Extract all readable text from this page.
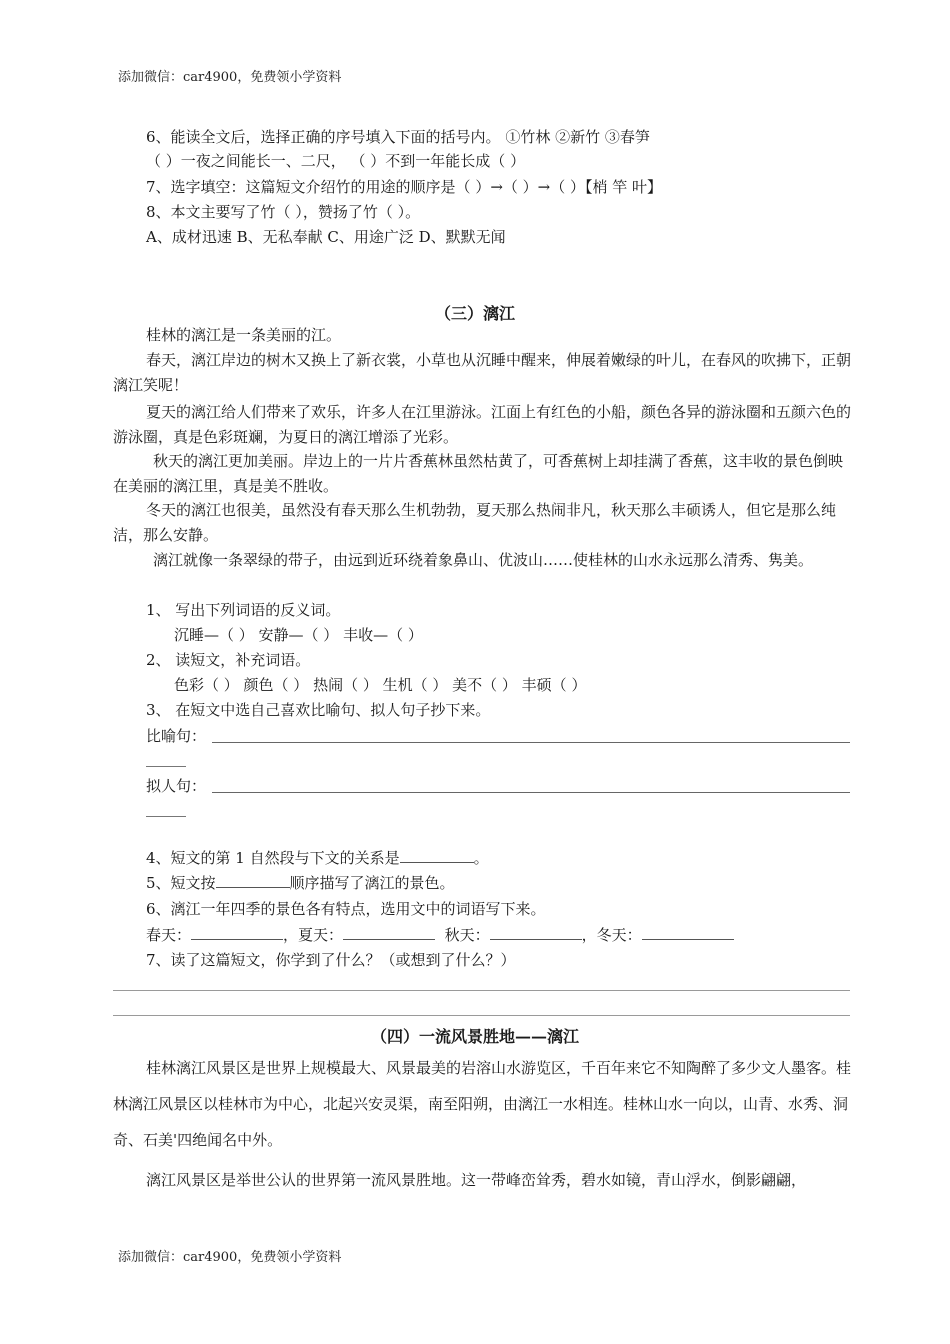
添加微信：car4900，免费领小学资料
6、能读全文后，选择正确的序号填入下面的括号内。 ①竹林 ②新竹 ③春笋
（ ）一夜之间能长一、二尺， （ ）不到一年能长成（ ）
7、选字填空：这篇短文介绍竹的用途的顺序是（ ）→（ ）→（ ）【梢 竿 叶】
8、本文主要写了竹（ ），赞扬了竹（ ）。
A、成材迅速 B、无私奉献 C、用途广泛 D、默默无闻
（三）漓江
桂林的漓江是一条美丽的江。
春天，漓江岸边的树木又换上了新衣裳，小草也从沉睡中醒来，伸展着嫩绿的叶儿，在春风的吹拂下，正朝漓江笑呢！
夏天的漓江给人们带来了欢乐，许多人在江里游泳。江面上有红色的小船，颜色各异的游泳圈和五颜六色的游泳圈，真是色彩斑斓，为夏日的漓江增添了光彩。
秋天的漓江更加美丽。岸边上的一片片香蕉林虽然枯黄了，可香蕉树上却挂满了香蕉，这丰收的景色倒映在美丽的漓江里，真是美不胜收。
冬天的漓江也很美，虽然没有春天那么生机勃勃，夏天那么热闹非凡，秋天那么丰硕诱人，但它是那么纯洁，那么安静。
漓江就像一条翠绿的带子，由远到近环绕着象鼻山、优波山……使桂林的山水永远那么清秀、隽美。
1、 写出下列词语的反义词。
沉睡—（ ） 安静—（ ） 丰收—（ ）
2、 读短文，补充词语。
色彩（ ） 颜色（ ） 热闹（ ） 生机（ ） 美不（ ） 丰硕（ ）
3、 在短文中选自己喜欢比喻句、拟人句子抄下来。
比喻句：
拟人句：
4、短文的第 1 自然段与下文的关系是	。
5、短文按	顺序描写了漓江的景色。
6、漓江一年四季的景色各有特点，选用文中的词语写下来。
春天：	，夏天：	秋天：	，冬天：
7、读了这篇短文，你学到了什么？（或想到了什么？）
（四）一流风景胜地——漓江
桂林漓江风景区是世界上规模最大、风景最美的岩溶山水游览区，千百年来它不知陶醉了多少文人墨客。桂林漓江风景区以桂林市为中心，北起兴安灵渠，南至阳朔，由漓江一水相连。桂林山水一向以，山青、水秀、洞奇、石美'四绝闻名中外。
漓江风景区是举世公认的世界第一流风景胜地。这一带峰峦耸秀，碧水如镜，青山浮水，倒影翩翩，
添加微信：car4900，免费领小学资料
